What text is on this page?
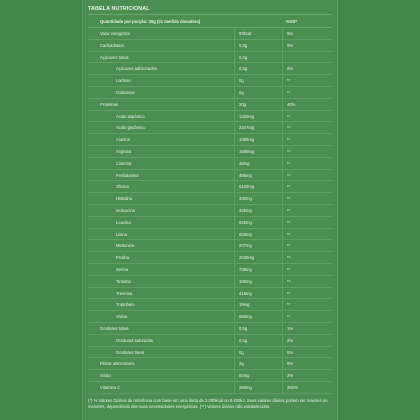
TABELA NUTRICIONAL
Quantidade por porção: 25g (01 medida dosadora)	%VD*
Valor energético	93kcal	5%
Carboidratos	0,8g	0%
Açúcares totais	0,3g
Açúcares adicionados	0,3g	0%
Lactose	0g	**
Galactose	0g	**
Proteínas	20g	40%
Ácido aspártico	1320mg	**
Ácido glutâmico	2347mg	**
Alanina	1080mg	**
Arginina	1680mg	**
Cisteína	48mg	**
Fenilalanina	485mg	**
Glicina	5100mg	**
Histidina	330mg	**
Isoleucina	325mg	**
Leucina	625mg	**
Lisina	828mg	**
Metionina	207mg	**
Prolina	2930mg	**
Serina	738mg	**
Tirosina	165mg	**
Treonina	415mg	**
Triptofano	19mg	**
Valina	555mg	**
Gorduras totais	0,5g	1%
Gorduras saturadas	0,4g	2%
Gorduras trans	0g	0%
Fibras alimentares	2g	8%
Sódio	50mg	3%
Vitamina C	250mg	250%
(*) % Valores Diários de referência com base em uma dieta de 2.000kcal ou 8.400kJ. Seus valores diários podem ser maiores ou menores, dependendo das suas necessidades energéticas. (**) Valores diários não estabelecidos.
